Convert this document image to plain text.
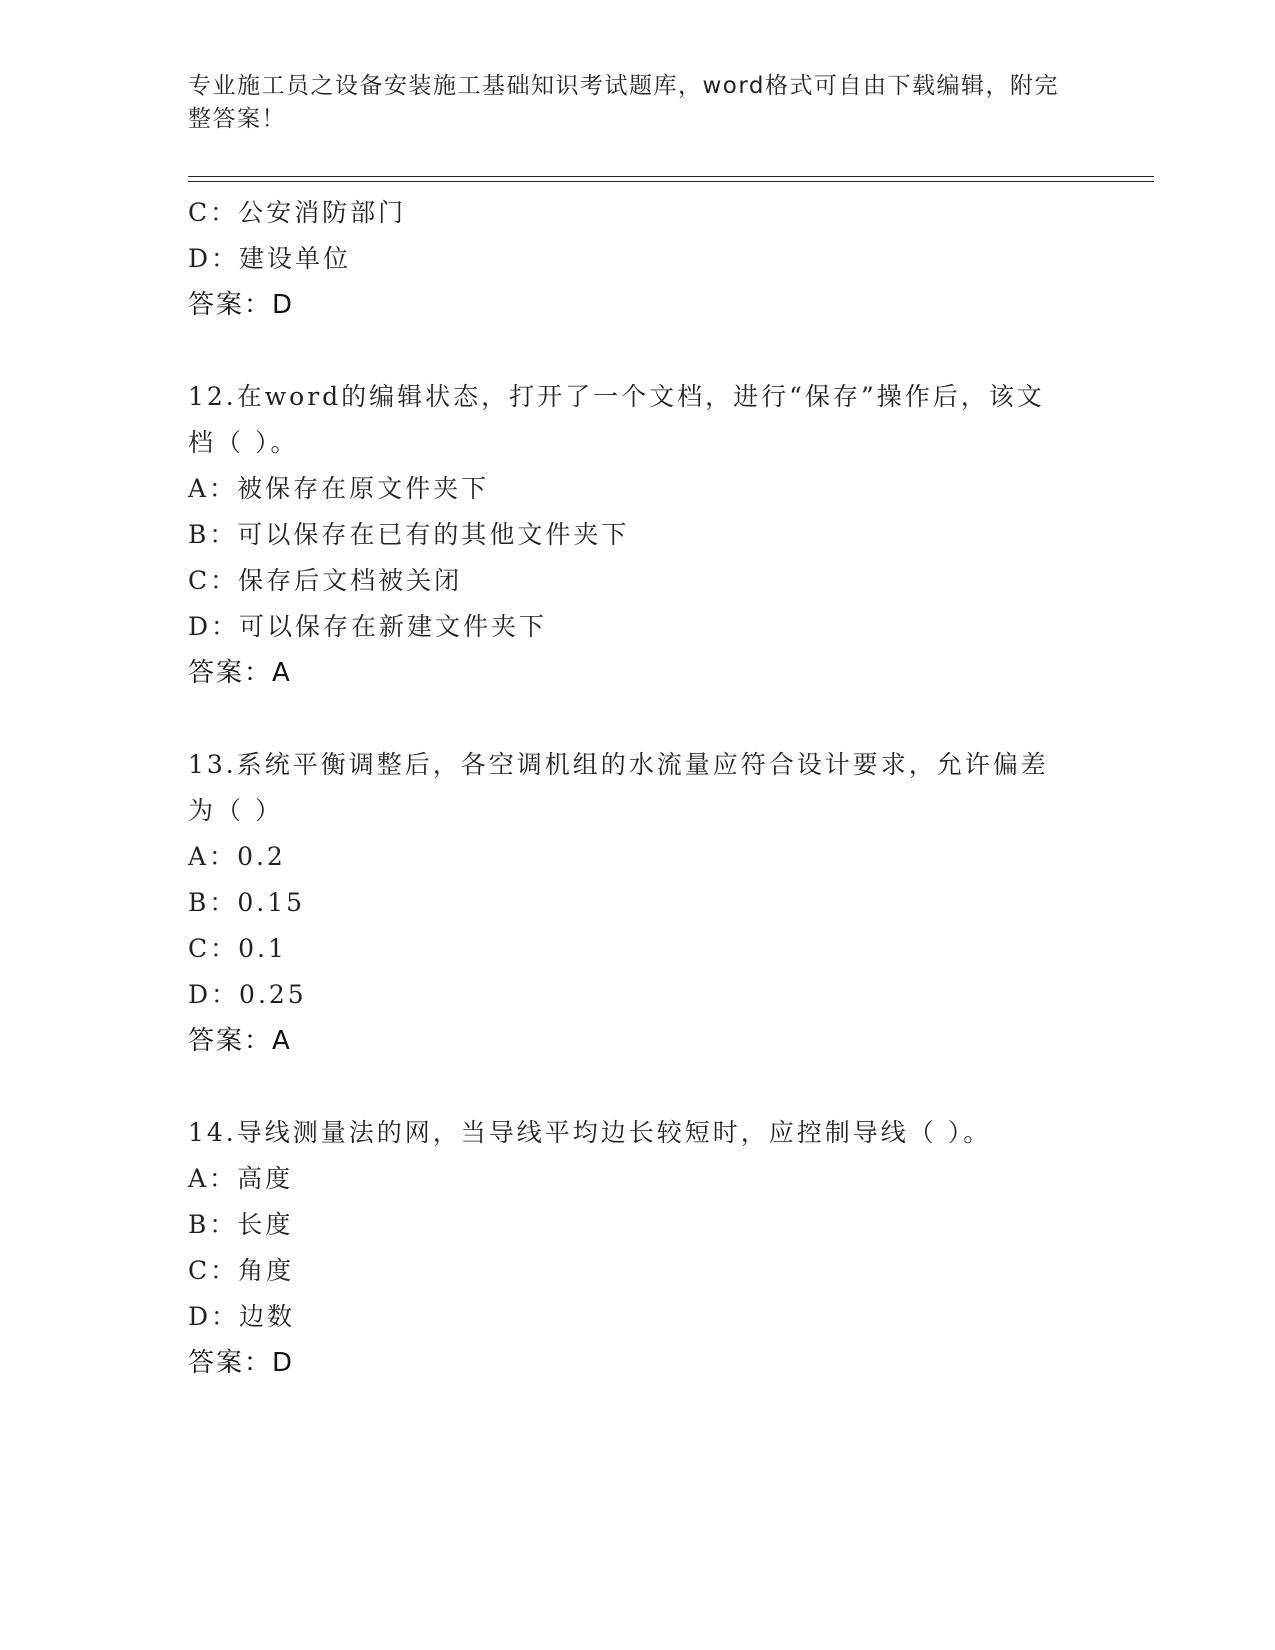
专业施工员之设备安装施工基础知识考试题库，word格式可自由下载编辑，附完整答案！
C：公安消防部门
D：建设单位
答案：D
12.在word的编辑状态，打开了一个文档，进行“保存”操作后，该文档（ ）。
A：被保存在原文件夹下
B：可以保存在已有的其他文件夹下
C：保存后文档被关闭
D：可以保存在新建文件夹下
答案：A
13.系统平衡调整后，各空调机组的水流量应符合设计要求，允许偏差为（ ）
A：0.2
B：0.15
C：0.1
D：0.25
答案：A
14.导线测量法的网，当导线平均边长较短时，应控制导线（ ）。
A：高度
B：长度
C：角度
D：边数
答案：D
